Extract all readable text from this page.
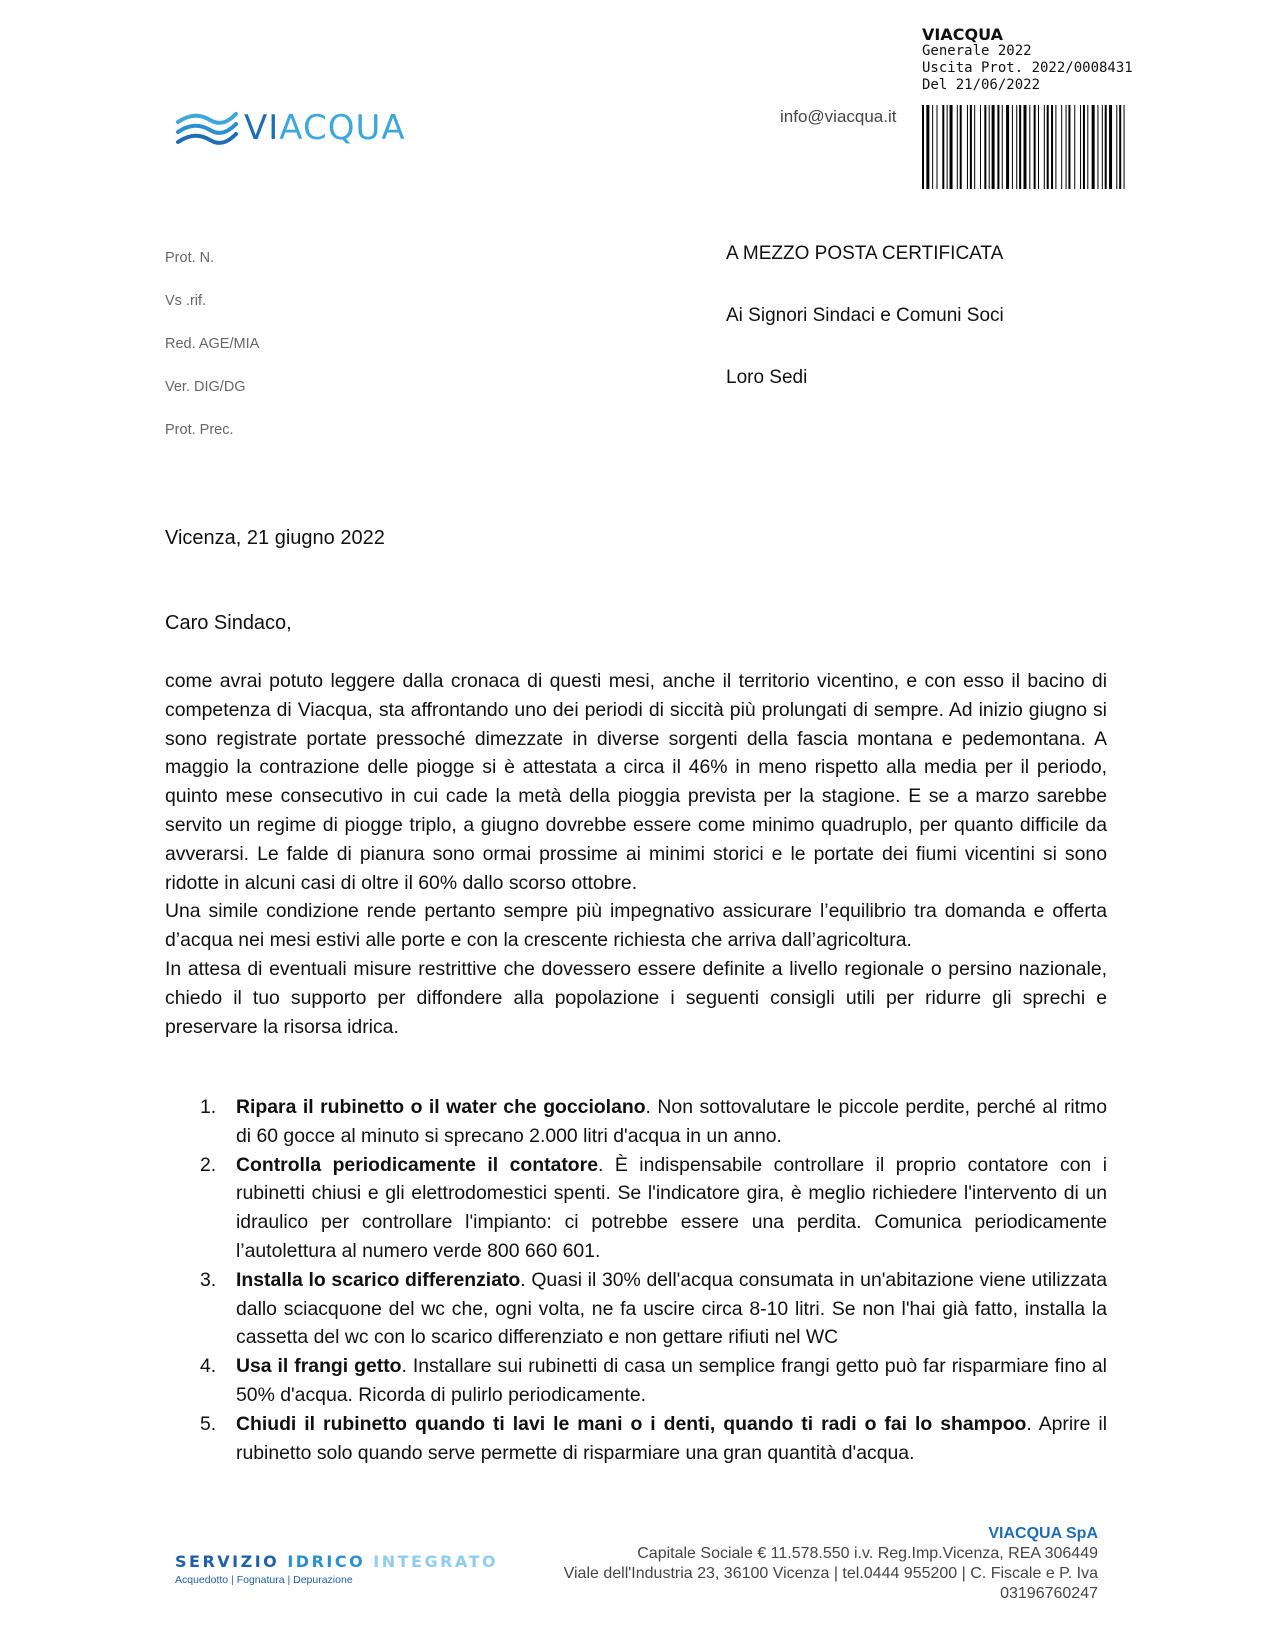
VIACQUA	info@viacqua.it
VIACQUA
Generale 2022
Uscita Prot. 2022/0008431
Del 21/06/2022
Prot. N.
Vs .rif.
Red. AGE/MIA
Ver. DIG/DG
Prot. Prec.
A MEZZO POSTA CERTIFICATA
Ai Signori Sindaci e Comuni Soci
Loro Sedi
Vicenza, 21 giugno 2022
Caro Sindaco,

come avrai potuto leggere dalla cronaca di questi mesi, anche il territorio vicentino, e con esso il bacino di competenza di Viacqua, sta affrontando uno dei periodi di siccità più prolungati di sempre. Ad inizio giugno si sono registrate portate pressoché dimezzate in diverse sorgenti della fascia montana e pedemontana. A maggio la contrazione delle piogge si è attestata a circa il 46% in meno rispetto alla media per il periodo, quinto mese consecutivo in cui cade la metà della pioggia prevista per la stagione. E se a marzo sarebbe servito un regime di piogge triplo, a giugno dovrebbe essere come minimo quadruplo, per quanto difficile da avverarsi. Le falde di pianura sono ormai prossime ai minimi storici e le portate dei fiumi vicentini si sono ridotte in alcuni casi di oltre il 60% dallo scorso ottobre.

Una simile condizione rende pertanto sempre più impegnativo assicurare l’equilibrio tra domanda e offerta d’acqua nei mesi estivi alle porte e con la crescente richiesta che arriva dall’agricoltura.

In attesa di eventuali misure restrittive che dovessero essere definite a livello regionale o persino nazionale, chiedo il tuo supporto per diffondere alla popolazione i seguenti consigli utili per ridurre gli sprechi e preservare la risorsa idrica.

1. Ripara il rubinetto o il water che gocciolano. Non sottovalutare le piccole perdite, perché al ritmo di 60 gocce al minuto si sprecano 2.000 litri d'acqua in un anno.
2. Controlla periodicamente il contatore. È indispensabile controllare il proprio contatore con i rubinetti chiusi e gli elettrodomestici spenti. Se l'indicatore gira, è meglio richiedere l'intervento di un idraulico per controllare l'impianto: ci potrebbe essere una perdita. Comunica periodicamente l’autolettura al numero verde 800 660 601.
3. Installa lo scarico differenziato. Quasi il 30% dell'acqua consumata in un'abitazione viene utilizzata dallo sciacquone del wc che, ogni volta, ne fa uscire circa 8-10 litri. Se non l'hai già fatto, installa la cassetta del wc con lo scarico differenziato e non gettare rifiuti nel WC
4. Usa il frangi getto. Installare sui rubinetti di casa un semplice frangi getto può far risparmiare fino al 50% d'acqua. Ricorda di pulirlo periodicamente.
5. Chiudi il rubinetto quando ti lavi le mani o i denti, quando ti radi o fai lo shampoo. Aprire il rubinetto solo quando serve permette di risparmiare una gran quantità d'acqua.
SERVIZIO IDRICO INTEGRATO
Acquedotto | Fognatura | Depurazione
VIACQUA SpA
Capitale Sociale € 11.578.550 i.v. Reg.Imp.Vicenza, REA 306449
Viale dell'Industria 23, 36100 Vicenza | tel.0444 955200 | C. Fiscale e P. Iva
03196760247
